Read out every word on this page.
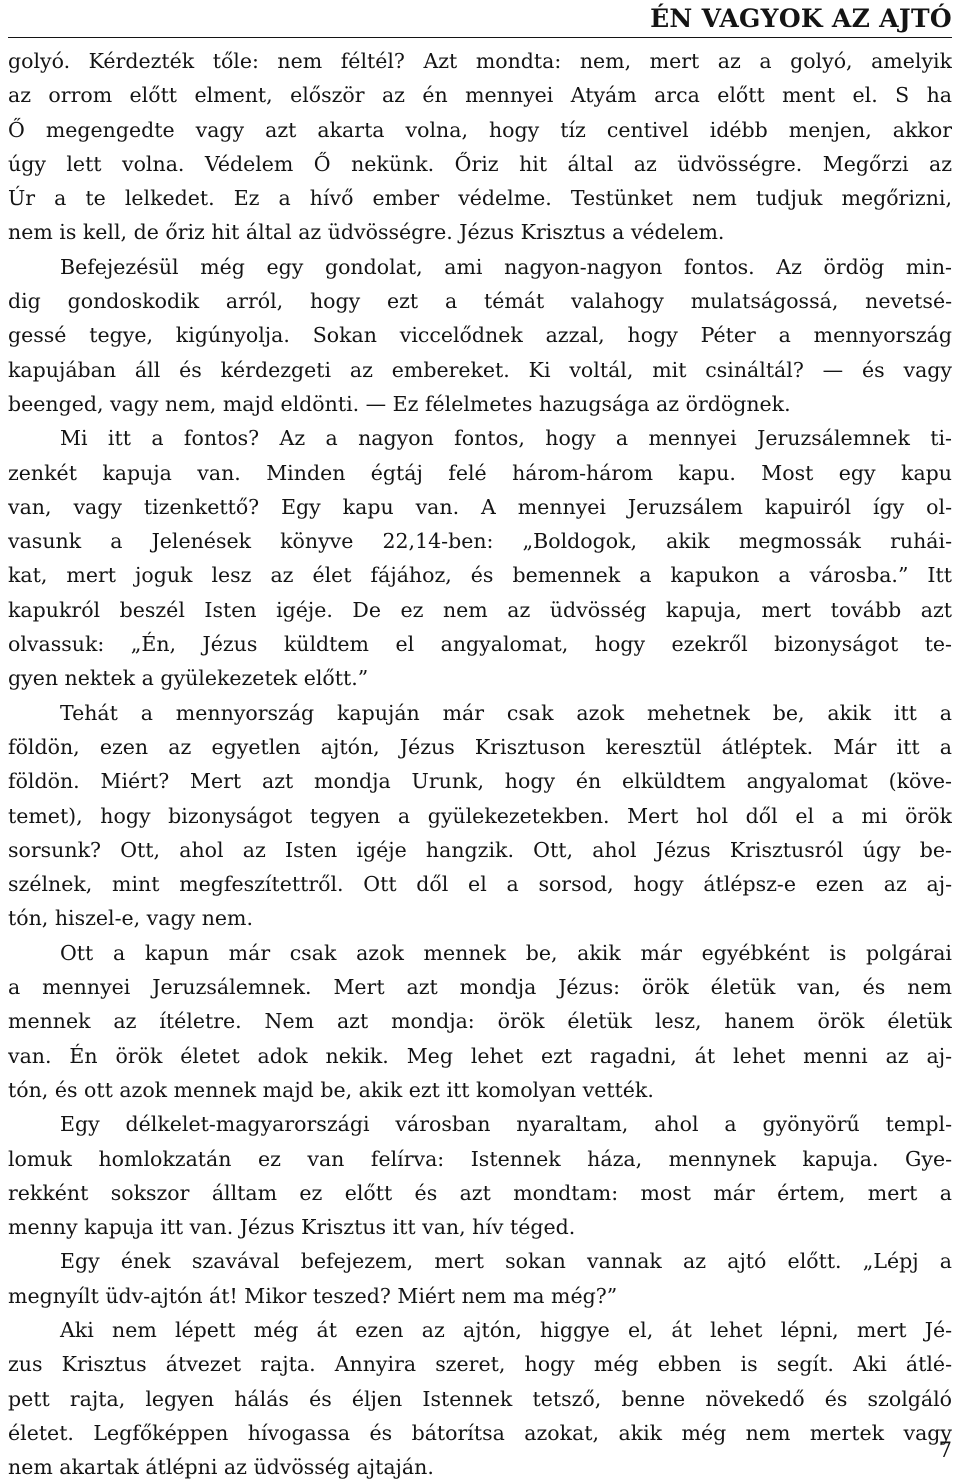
ÉN VAGYOK AZ AJTÓ
golyó. Kérdezték tőle: nem féltél? Azt mondta: nem, mert az a golyó, amelyik
az orrom előtt elment, először az én mennyei Atyám arca előtt ment el. S ha
Ő megengedte vagy azt akarta volna, hogy tíz centivel idébb menjen, akkor
úgy lett volna. Védelem Ő nekünk. Őriz hit által az üdvösségre. Megőrzi az
Úr a te lelkedet. Ez a hívő ember védelme. Testünket nem tudjuk megőrizni,
nem is kell, de őriz hit által az üdvösségre. Jézus Krisztus a védelem.
Befejezésül még egy gondolat, ami nagyon-nagyon fontos. Az ördög min-
dig gondoskodik arról, hogy ezt a témát valahogy mulatságossá, nevetsé-
gessé tegye, kigúnyolja. Sokan viccelődnek azzal, hogy Péter a mennyország
kapujában áll és kérdezgeti az embereket. Ki voltál, mit csináltál? — és vagy
beenged, vagy nem, majd eldönti. — Ez félelmetes hazugsága az ördögnek.
Mi itt a fontos? Az a nagyon fontos, hogy a mennyei Jeruzsálemnek ti-
zenkét kapuja van. Minden égtáj felé három-három kapu. Most egy kapu
van, vagy tizenkettő? Egy kapu van. A mennyei Jeruzsálem kapuiról így ol-
vasunk a Jelenések könyve 22,14-ben: „Boldogok, akik megmossák ruhái-
kat, mert joguk lesz az élet fájához, és bemennek a kapukon a városba.” Itt
kapukról beszél Isten igéje. De ez nem az üdvösség kapuja, mert tovább azt
olvassuk: „Én, Jézus küldtem el angyalomat, hogy ezekről bizonyságot te-
gyen nektek a gyülekezetek előtt.”
Tehát a mennyország kapuján már csak azok mehetnek be, akik itt a
földön, ezen az egyetlen ajtón, Jézus Krisztuson keresztül átléptek. Már itt a
földön. Miért? Mert azt mondja Urunk, hogy én elküldtem angyalomat (köve-
temet), hogy bizonyságot tegyen a gyülekezetekben. Mert hol dől el a mi örök
sorsunk? Ott, ahol az Isten igéje hangzik. Ott, ahol Jézus Krisztusról úgy be-
szélnek, mint megfeszítettről. Ott dől el a sorsod, hogy átlépsz-e ezen az aj-
tón, hiszel-e, vagy nem.
Ott a kapun már csak azok mennek be, akik már egyébként is polgárai
a mennyei Jeruzsálemnek. Mert azt mondja Jézus: örök életük van, és nem
mennek az ítéletre. Nem azt mondja: örök életük lesz, hanem örök életük
van. Én örök életet adok nekik. Meg lehet ezt ragadni, át lehet menni az aj-
tón, és ott azok mennek majd be, akik ezt itt komolyan vették.
Egy délkelet-magyarországi városban nyaraltam, ahol a gyönyörű templ-
lomuk homlokzatán ez van felírva: Istennek háza, mennynek kapuja. Gye-
rekként sokszor álltam ez előtt és azt mondtam: most már értem, mert a
menny kapuja itt van. Jézus Krisztus itt van, hív téged.
Egy ének szavával befejezem, mert sokan vannak az ajtó előtt. „Lépj a
megnyílt üdv-ajtón át! Mikor teszed? Miért nem ma még?”
Aki nem lépett még át ezen az ajtón, higgye el, át lehet lépni, mert Jé-
zus Krisztus átvezet rajta. Annyira szeret, hogy még ebben is segít. Aki átlé-
pett rajta, legyen hálás és éljen Istennek tetsző, benne növekedő és szolgáló
életet. Legfőképpen hívogassa és bátorítsa azokat, akik még nem mertek vagy
nem akartak átlépni az üdvösség ajtaján.
7
